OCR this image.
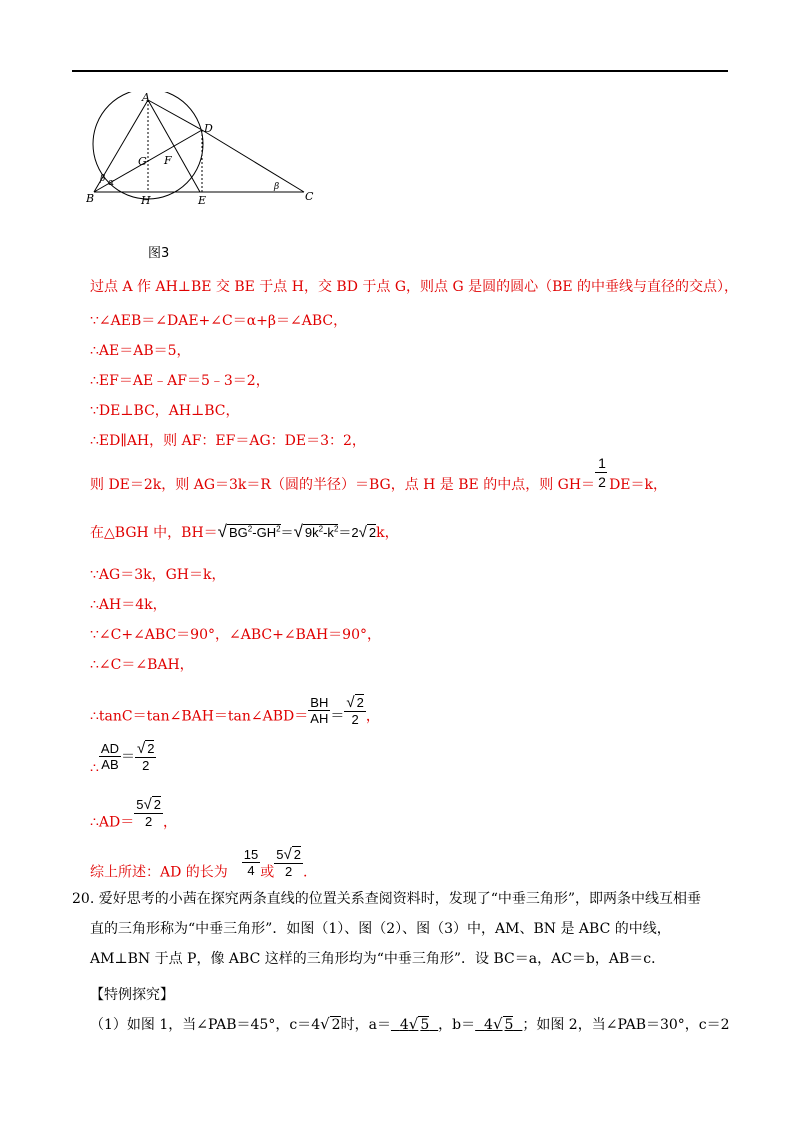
A
D
G F
B
α
β
β
H	E	C
图3
过点 A 作 AH⊥BE 交 BE 于点 H，交 BD 于点 G，则点 G 是圆的圆心（BE 的中垂线与直径的交点），
∵∠AEB＝∠DAE+∠C＝α+β＝∠ABC，
∴AE＝AB＝5，
∴EF＝AE﹣AF＝5﹣3＝2，
∵DE⊥BC，AH⊥BC，
∴ED∥AH，则 AF：EF＝AG：DE＝3：2，
则 DE＝2k，则 AG＝3k＝R（圆的半径）＝BG，点 H 是 BE 的中点，则 $GH= \frac{1}{2} DE=k$，
在△BGH 中，BH＝√ $BG^2-GH^2=√$ $9k^2-k^2=2√$ 2k，
∵AG＝3k，GH＝k，
∴AH＝4k，
∵∠C+∠ABC＝90°，∠ABC+∠BAH＝90°，
∴∠C＝∠BAH，
∴tanC＝tan∠BAH＝tan∠ABD＝ $\frac{BH}{AH} = \frac{√ 2}{2}$ ，
∴ $\frac{AD}{AB} = \frac{√ 2}{2}$
∴AD＝ $\frac{5√ 2}{2}$ ，
综上所述：AD 的长为 $\frac{15}{4}$ 或 $\frac{5√ 2}{2}$ .
20. 爱好思考的小茜在探究两条直线的位置关系查阅资料时，发现了“中垂三角形”，即两条中线互相垂
直的三角形称为“中垂三角形”．如图（1）、图（2）、图（3）中，AM、BN 是 ABC 的中线，
AM⊥BN 于点 P，像 ABC 这样的三角形均为“中垂三角形”．设 BC＝a，AC＝b，AB＝c．
【特例探究】
（1）如图 1，当∠PAB＝45°，c＝4√ 2时，a＝ 4√ 5 ，b＝ 4√ 5 ；如图 2，当∠PAB＝30°，c＝2
